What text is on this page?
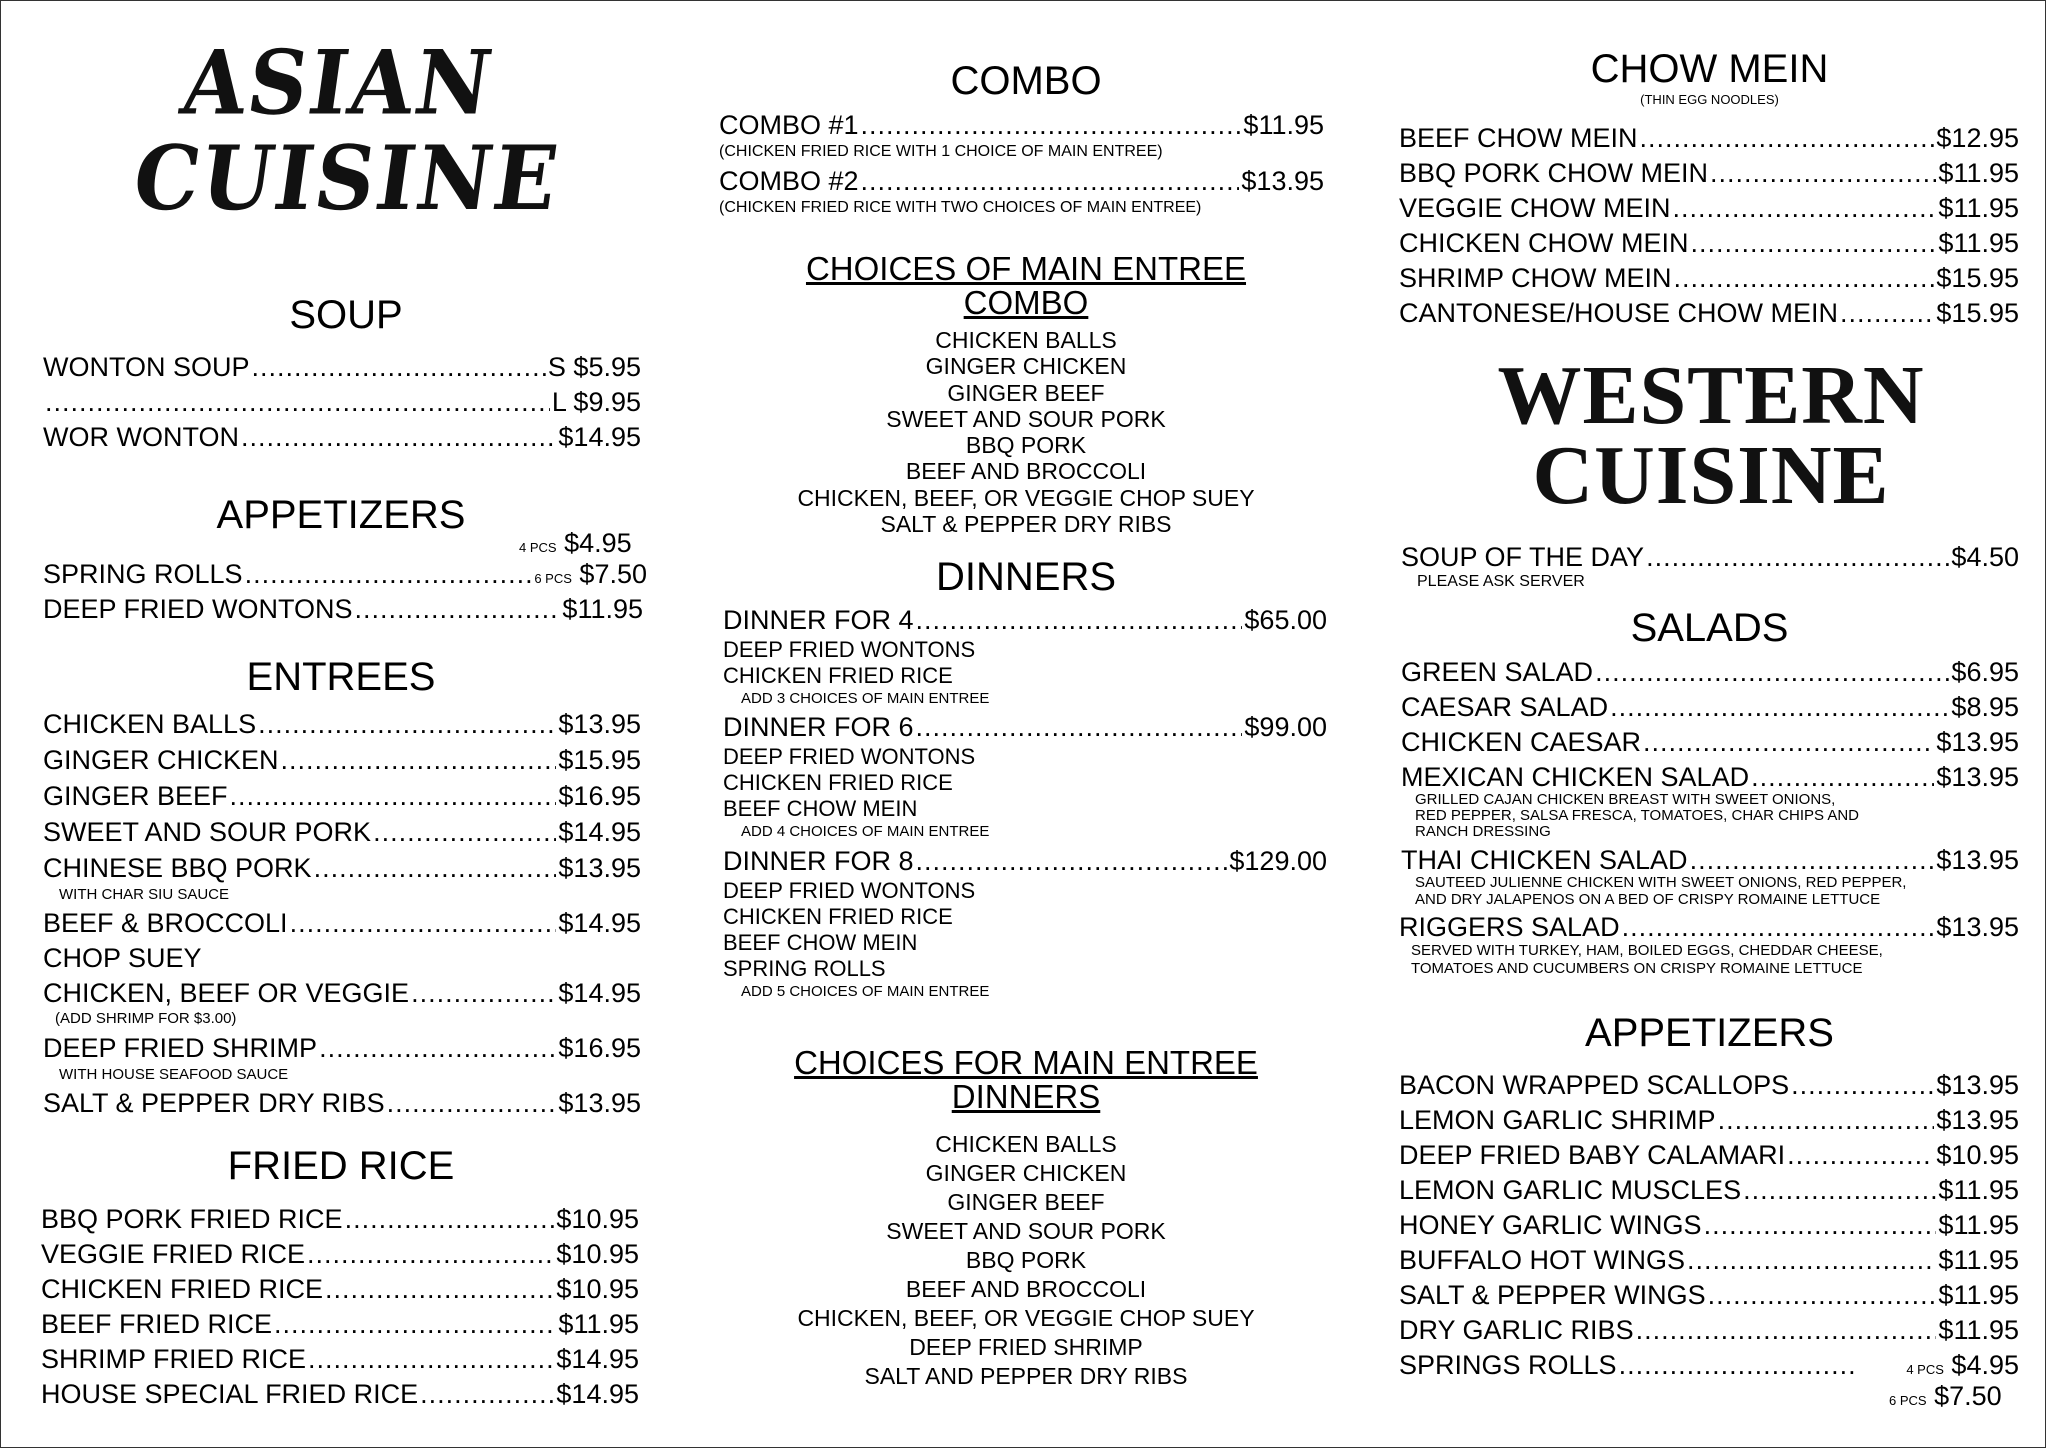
ASIAN
CUISINE
SOUP
WONTON SOUP .....	S $5.95
.....
L $9.95
WOR WONTON .....	$14.95
APPETIZERS
4 PCS $4.95
SPRING ROLLS .....	6 PCS $7.50
DEEP FRIED WONTONS .....	$11.95
ENTREES
CHICKEN BALLS .....	$13.95
GINGER CHICKEN .....	$15.95
GINGER BEEF .....	$16.95
SWEET AND SOUR PORK .....	$14.95
CHINESE BBQ PORK .....	$13.95
WITH CHAR SIU SAUCE
BEEF & BROCCOLI .....	$14.95
CHOP SUEY
CHICKEN, BEEF OR VEGGIE .....	$14.95
(ADD SHRIMP FOR $3.00)
DEEP FRIED SHRIMP .....	$16.95
WITH HOUSE SEAFOOD SAUCE
SALT & PEPPER DRY RIBS .....	$13.95
FRIED RICE
BBQ PORK FRIED RICE .....	$10.95
VEGGIE FRIED RICE .....	$10.95
CHICKEN FRIED RICE .....	$10.95
BEEF FRIED RICE .....	$11.95
SHRIMP FRIED RICE .....	$14.95
HOUSE SPECIAL FRIED RICE .....	$14.95
COMBO
COMBO #1 .....	$11.95
(CHICKEN FRIED RICE WITH 1 CHOICE OF MAIN ENTREE)
COMBO #2 .....	$13.95
(CHICKEN FRIED RICE WITH TWO CHOICES OF MAIN ENTREE)
CHOICES OF MAIN ENTREE
COMBO
CHICKEN BALLS
GINGER CHICKEN
GINGER BEEF
SWEET AND SOUR PORK
BBQ PORK
BEEF AND BROCCOLI
CHICKEN, BEEF, OR VEGGIE CHOP SUEY
SALT & PEPPER DRY RIBS
DINNERS
DINNER FOR 4 .....	$65.00
DEEP FRIED WONTONS
CHICKEN FRIED RICE
ADD 3 CHOICES OF MAIN ENTREE
DINNER FOR 6 .....	$99.00
DEEP FRIED WONTONS
CHICKEN FRIED RICE
BEEF CHOW MEIN
ADD 4 CHOICES OF MAIN ENTREE
DINNER FOR 8 .....	$129.00
DEEP FRIED WONTONS
CHICKEN FRIED RICE
BEEF CHOW MEIN
SPRING ROLLS
ADD 5 CHOICES OF MAIN ENTREE
CHOICES FOR MAIN ENTREE
DINNERS
CHICKEN BALLS
GINGER CHICKEN
GINGER BEEF
SWEET AND SOUR PORK
BBQ PORK
BEEF AND BROCCOLI
CHICKEN, BEEF, OR VEGGIE CHOP SUEY
DEEP FRIED SHRIMP
SALT AND PEPPER DRY RIBS
CHOW MEIN
(THIN EGG NOODLES)
BEEF CHOW MEIN .....	$12.95
BBQ PORK CHOW MEIN .....	$11.95
VEGGIE CHOW MEIN .....	$11.95
CHICKEN CHOW MEIN .....	$11.95
SHRIMP CHOW MEIN .....	$15.95
CANTONESE/HOUSE CHOW MEIN .....	$15.95
WESTERN
CUISINE
SOUP OF THE DAY .....	$4.50
PLEASE ASK SERVER
SALADS
GREEN SALAD .....	$6.95
CAESAR SALAD .....	$8.95
CHICKEN CAESAR .....	$13.95
MEXICAN CHICKEN SALAD .....	$13.95
GRILLED CAJAN CHICKEN BREAST WITH SWEET ONIONS,
RED PEPPER, SALSA FRESCA, TOMATOES, CHAR CHIPS AND
RANCH DRESSING
THAI CHICKEN SALAD .....	$13.95
SAUTEED JULIENNE CHICKEN WITH SWEET ONIONS, RED PEPPER,
AND DRY JALAPENOS ON A BED OF CRISPY ROMAINE LETTUCE
RIGGERS SALAD .....	$13.95
SERVED WITH TURKEY, HAM, BOILED EGGS, CHEDDAR CHEESE,
TOMATOES AND CUCUMBERS ON CRISPY ROMAINE LETTUCE
APPETIZERS
BACON WRAPPED SCALLOPS .....	$13.95
LEMON GARLIC SHRIMP .....	$13.95
DEEP FRIED BABY CALAMARI .....	$10.95
LEMON GARLIC MUSCLES .....	$11.95
HONEY GARLIC WINGS .....	$11.95
BUFFALO HOT WINGS .....	$11.95
SALT & PEPPER WINGS .....	$11.95
DRY GARLIC RIBS .....	$11.95
SPRINGS ROLLS .....	4 PCS $4.95
6 PCS $7.50
